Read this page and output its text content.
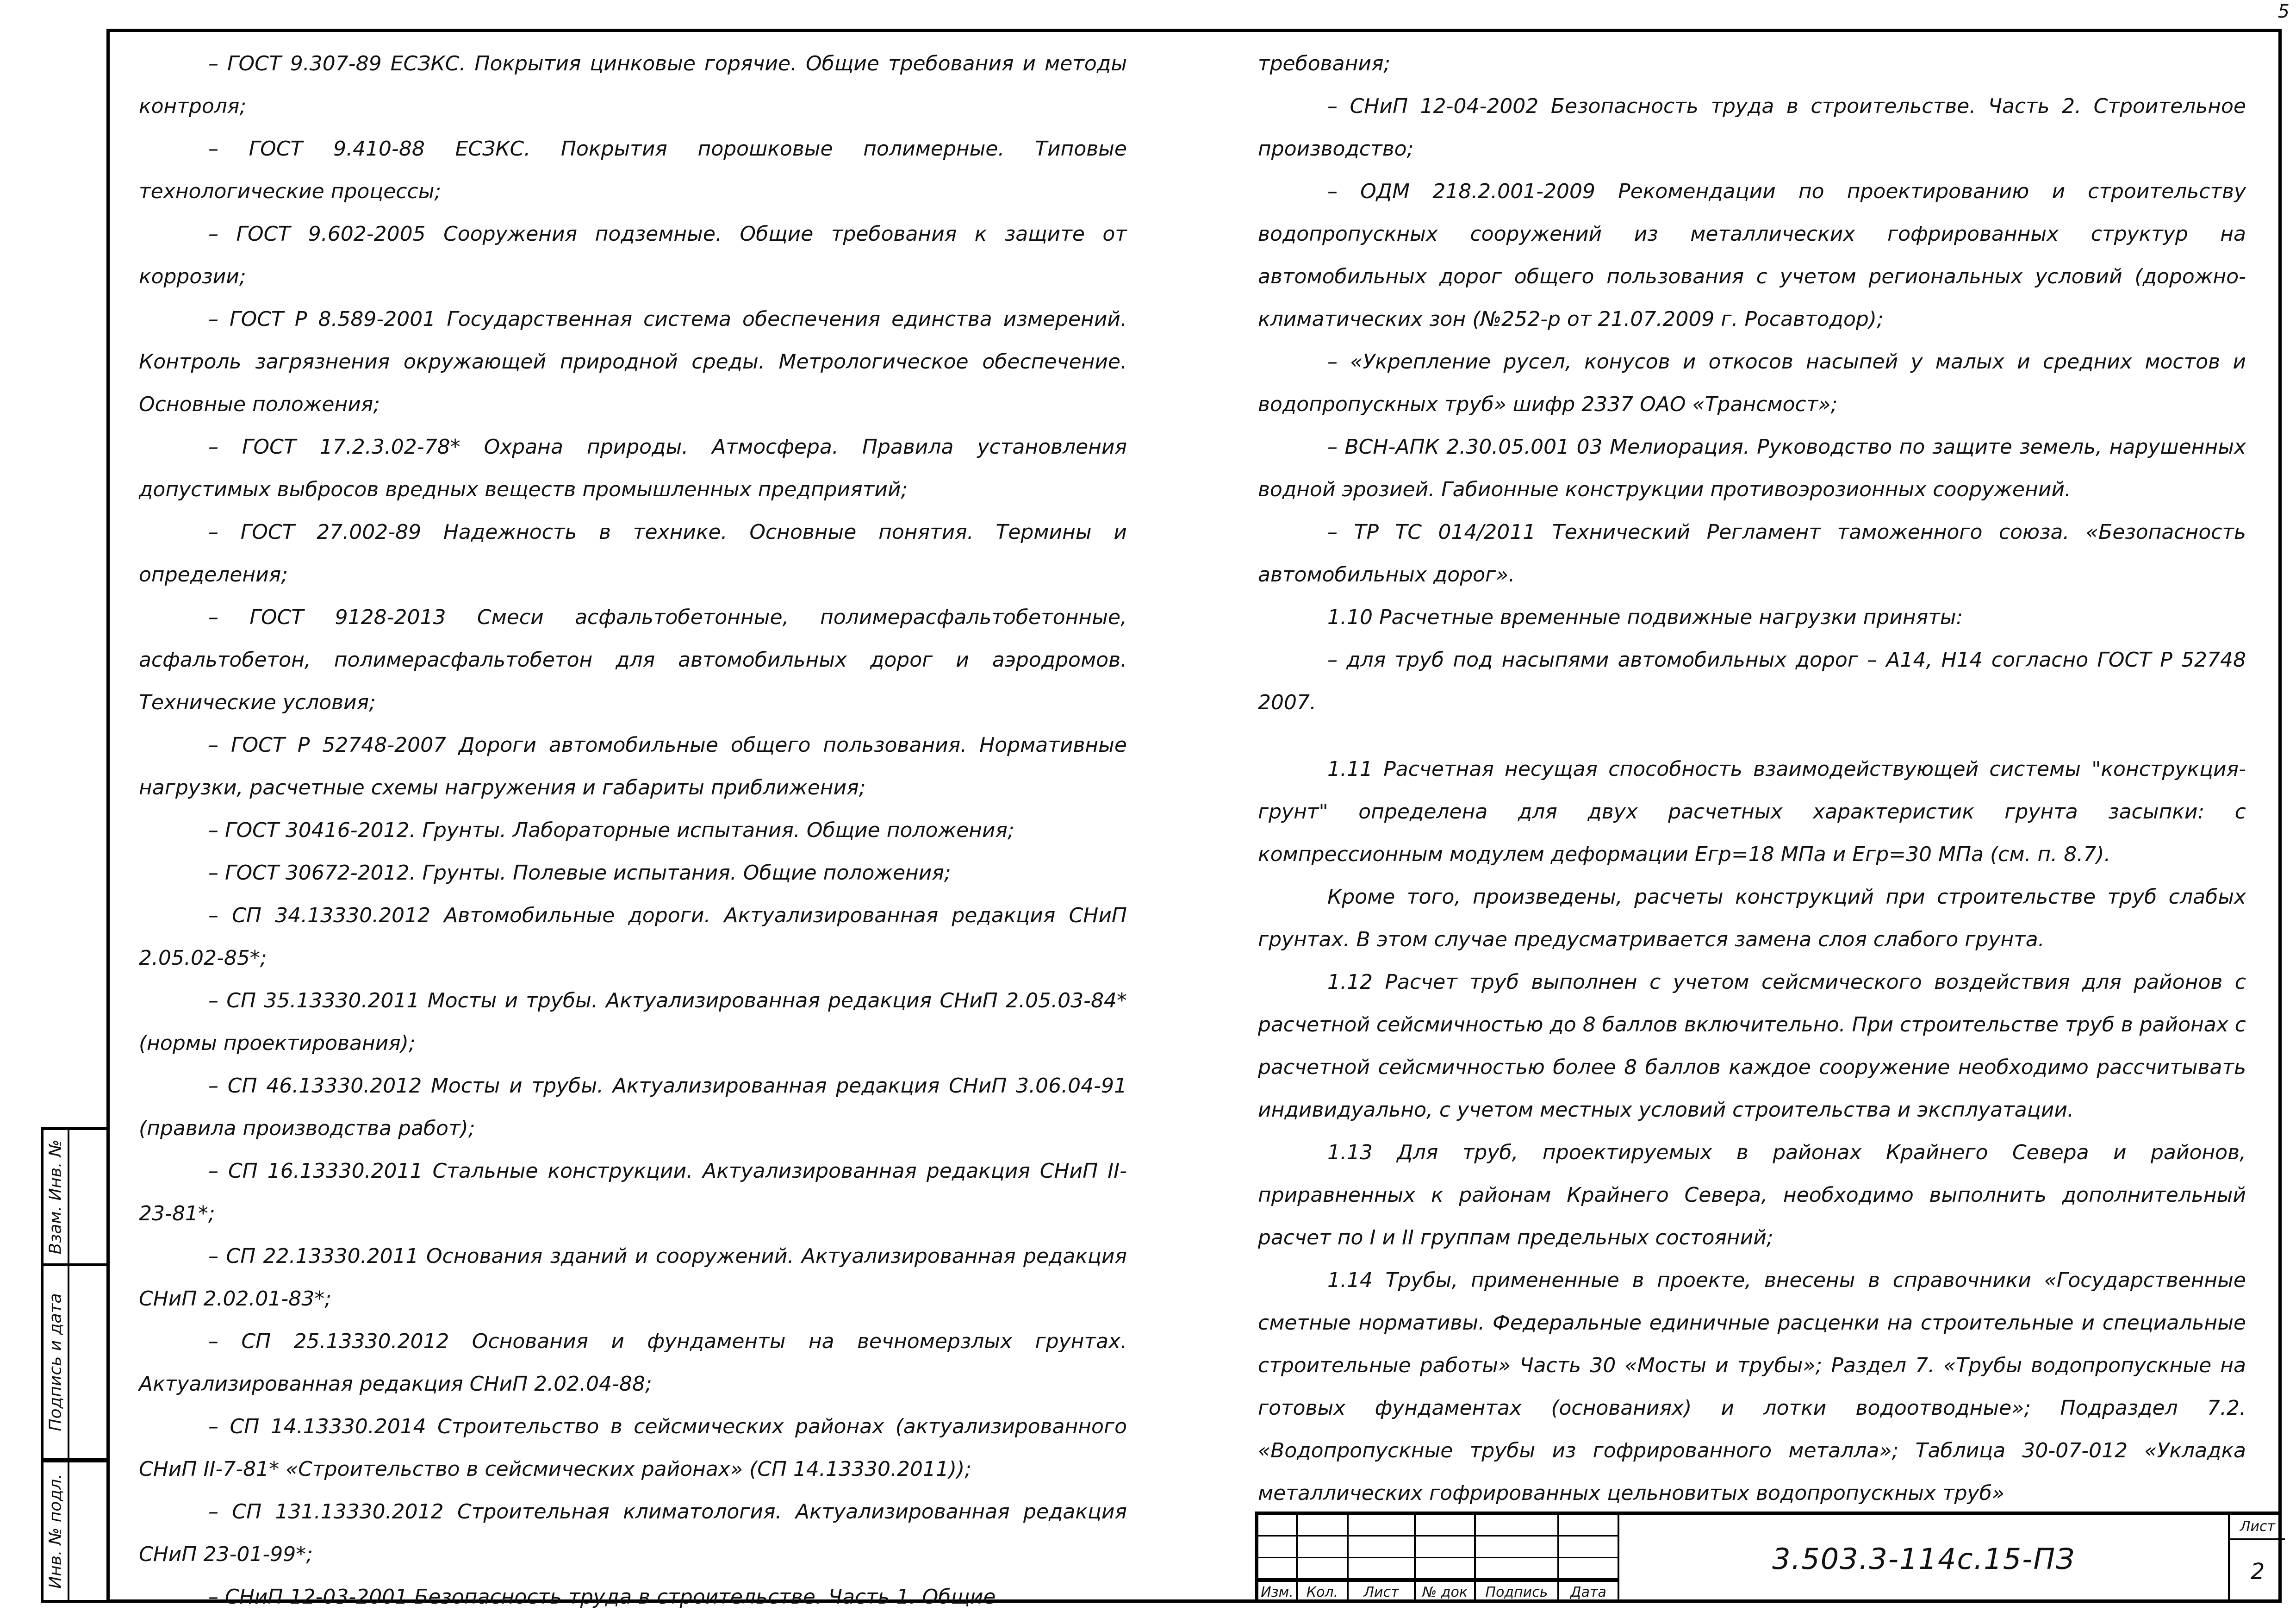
5

– ГОСТ 9.307-89 ЕСЗКС. Покрытия цинковые горячие. Общие требования и методы контроля;

– ГОСТ 9.410-88 ЕСЗКС. Покрытия порошковые полимерные. Типовые технологические процессы;

– ГОСТ 9.602-2005 Сооружения подземные. Общие требования к защите от коррозии;

– ГОСТ Р 8.589-2001 Государственная система обеспечения единства измерений. Контроль загрязнения окружающей природной среды. Метрологическое обеспечение. Основные положения;

– ГОСТ 17.2.3.02-78* Охрана природы. Атмосфера. Правила установления допустимых выбросов вредных веществ промышленных предприятий;

– ГОСТ 27.002-89 Надежность в технике. Основные понятия. Термины и определения;

– ГОСТ 9128-2013 Смеси асфальтобетонные, полимерасфальтобетонные, асфальтобетон, полимерасфальтобетон для автомобильных дорог и аэродромов. Технические условия;

– ГОСТ Р 52748-2007 Дороги автомобильные общего пользования. Нормативные нагрузки, расчетные схемы нагружения и габариты приближения;

– ГОСТ 30416-2012. Грунты. Лабораторные испытания. Общие положения;

– ГОСТ 30672-2012. Грунты. Полевые испытания. Общие положения;

– СП 34.13330.2012 Автомобильные дороги. Актуализированная редакция СНиП 2.05.02-85*;

– СП 35.13330.2011 Мосты и трубы. Актуализированная редакция СНиП 2.05.03-84* (нормы проектирования);

– СП 46.13330.2012 Мосты и трубы. Актуализированная редакция СНиП 3.06.04-91 (правила производства работ);

– СП 16.13330.2011 Стальные конструкции. Актуализированная редакция СНиП II-23-81*;

– СП 22.13330.2011 Основания зданий и сооружений. Актуализированная редакция СНиП 2.02.01-83*;

– СП 25.13330.2012 Основания и фундаменты на вечномерзлых грунтах. Актуализированная редакция СНиП 2.02.04-88;

– СП 14.13330.2014 Строительство в сейсмических районах (актуализированного СНиП II-7-81* «Строительство в сейсмических районах» (СП 14.13330.2011));

– СП 131.13330.2012 Строительная климатология. Актуализированная редакция СНиП 23-01-99*;

– СНиП 12-03-2001 Безопасность труда в строительстве. Часть 1. Общие

требования;

– СНиП 12-04-2002 Безопасность труда в строительстве. Часть 2. Строительное производство;

– ОДМ 218.2.001-2009 Рекомендации по проектированию и строительству водопропускных сооружений из металлических гофрированных структур на автомобильных дорог общего пользования с учетом региональных условий (дорожно-климатических зон (№252-р от 21.07.2009 г. Росавтодор);

– «Укрепление русел, конусов и откосов насыпей у малых и средних мостов и водопропускных труб» шифр 2337 ОАО «Трансмост»;

– ВСН-АПК 2.30.05.001 03 Мелиорация. Руководство по защите земель, нарушенных водной эрозией. Габионные конструкции противоэрозионных сооружений.

– ТР ТС 014/2011 Технический Регламент таможенного союза. «Безопасность автомобильных дорог».

1.10 Расчетные временные подвижные нагрузки приняты:

– для труб под насыпями автомобильных дорог – А14, Н14 согласно ГОСТ Р 52748 2007.

1.11 Расчетная несущая способность взаимодействующей системы "конструкция-грунт" определена для двух расчетных характеристик грунта засыпки: с компрессионным модулем деформации Егр=18 МПа и Егр=30 МПа (см. п. 8.7).

Кроме того, произведены, расчеты конструкций при строительстве труб слабых грунтах. В этом случае предусматривается замена слоя слабого грунта.

1.12 Расчет труб выполнен с учетом сейсмического воздействия для районов с расчетной сейсмичностью до 8 баллов включительно. При строительстве труб в районах с расчетной сейсмичностью более 8 баллов каждое сооружение необходимо рассчитывать индивидуально, с учетом местных условий строительства и эксплуатации.

1.13 Для труб, проектируемых в районах Крайнего Севера и районов, приравненных к районам Крайнего Севера, необходимо выполнить дополнительный расчет по I и II группам предельных состояний;

1.14 Трубы, примененные в проекте, внесены в справочники «Государственные сметные нормативы. Федеральные единичные расценки на строительные и специальные строительные работы» Часть 30 «Мосты и трубы»; Раздел 7. «Трубы водопропускные на готовых фундаментах (основаниях) и лотки водоотводные»; Подраздел 7.2. «Водопропускные трубы из гофрированного металла»; Таблица 30-07-012 «Укладка металлических гофрированных цельновитых водопропускных труб»

Взам. Инв. №
Подпись и дата
Инв. № подл.
Изм. Кол.	Лист	№ док	Подпись	Дата
3.503.3-114с.15-ПЗ
Лист
2
